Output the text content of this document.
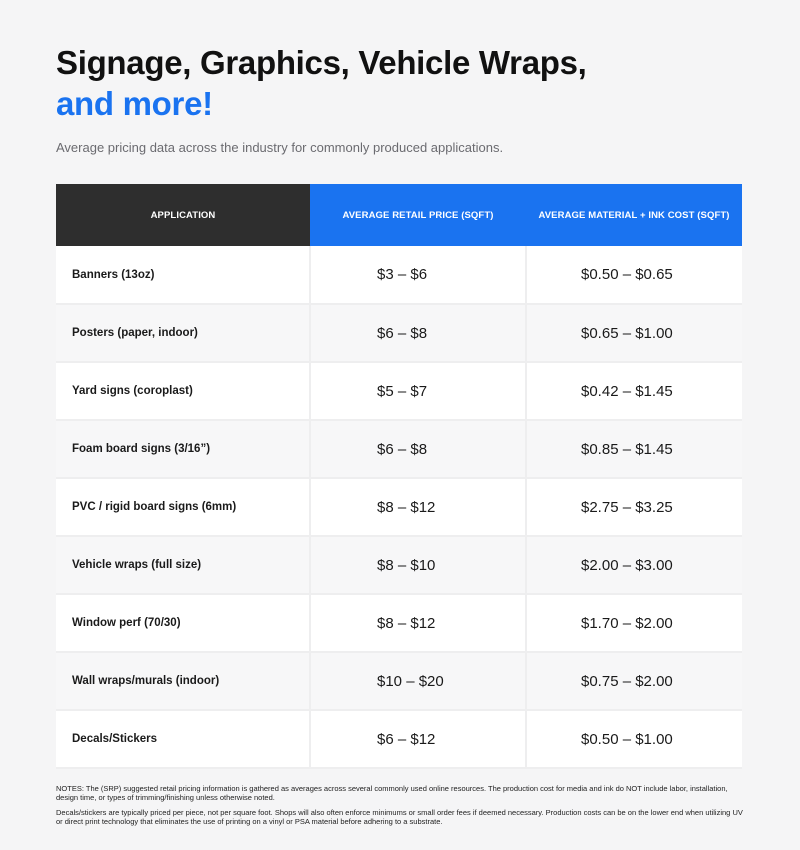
Signage, Graphics, Vehicle Wraps,
and more!

Average pricing data across the industry for commonly produced applications.

APPLICATION	AVERAGE RETAIL PRICE (SQFT)	AVERAGE MATERIAL + INK COST (SQFT)
Banners (13oz)	$3 – $6	$0.50 – $0.65
Posters (paper, indoor)	$6 – $8	$0.65 – $1.00
Yard signs (coroplast)	$5 – $7	$0.42 – $1.45
Foam board signs (3/16”)	$6 – $8	$0.85 – $1.45
PVC / rigid board signs (6mm)	$8 – $12	$2.75 – $3.25
Vehicle wraps (full size)	$8 – $10	$2.00 – $3.00
Window perf (70/30)	$8 – $12	$1.70 – $2.00
Wall wraps/murals (indoor)	$10 – $20	$0.75 – $2.00
Decals/Stickers	$6 – $12	$0.50 – $1.00

NOTES: The (SRP) suggested retail pricing information is gathered as averages across several commonly used online resources. The production cost for media and ink do NOT include labor, installation, design time, or types of trimming/finishing unless otherwise noted.

Decals/stickers are typically priced per piece, not per square foot. Shops will also often enforce minimums or small order fees if deemed necessary. Production costs can be on the lower end when utilizing UV or direct print technology that eliminates the use of printing on a vinyl or PSA material before adhering to a substrate.
